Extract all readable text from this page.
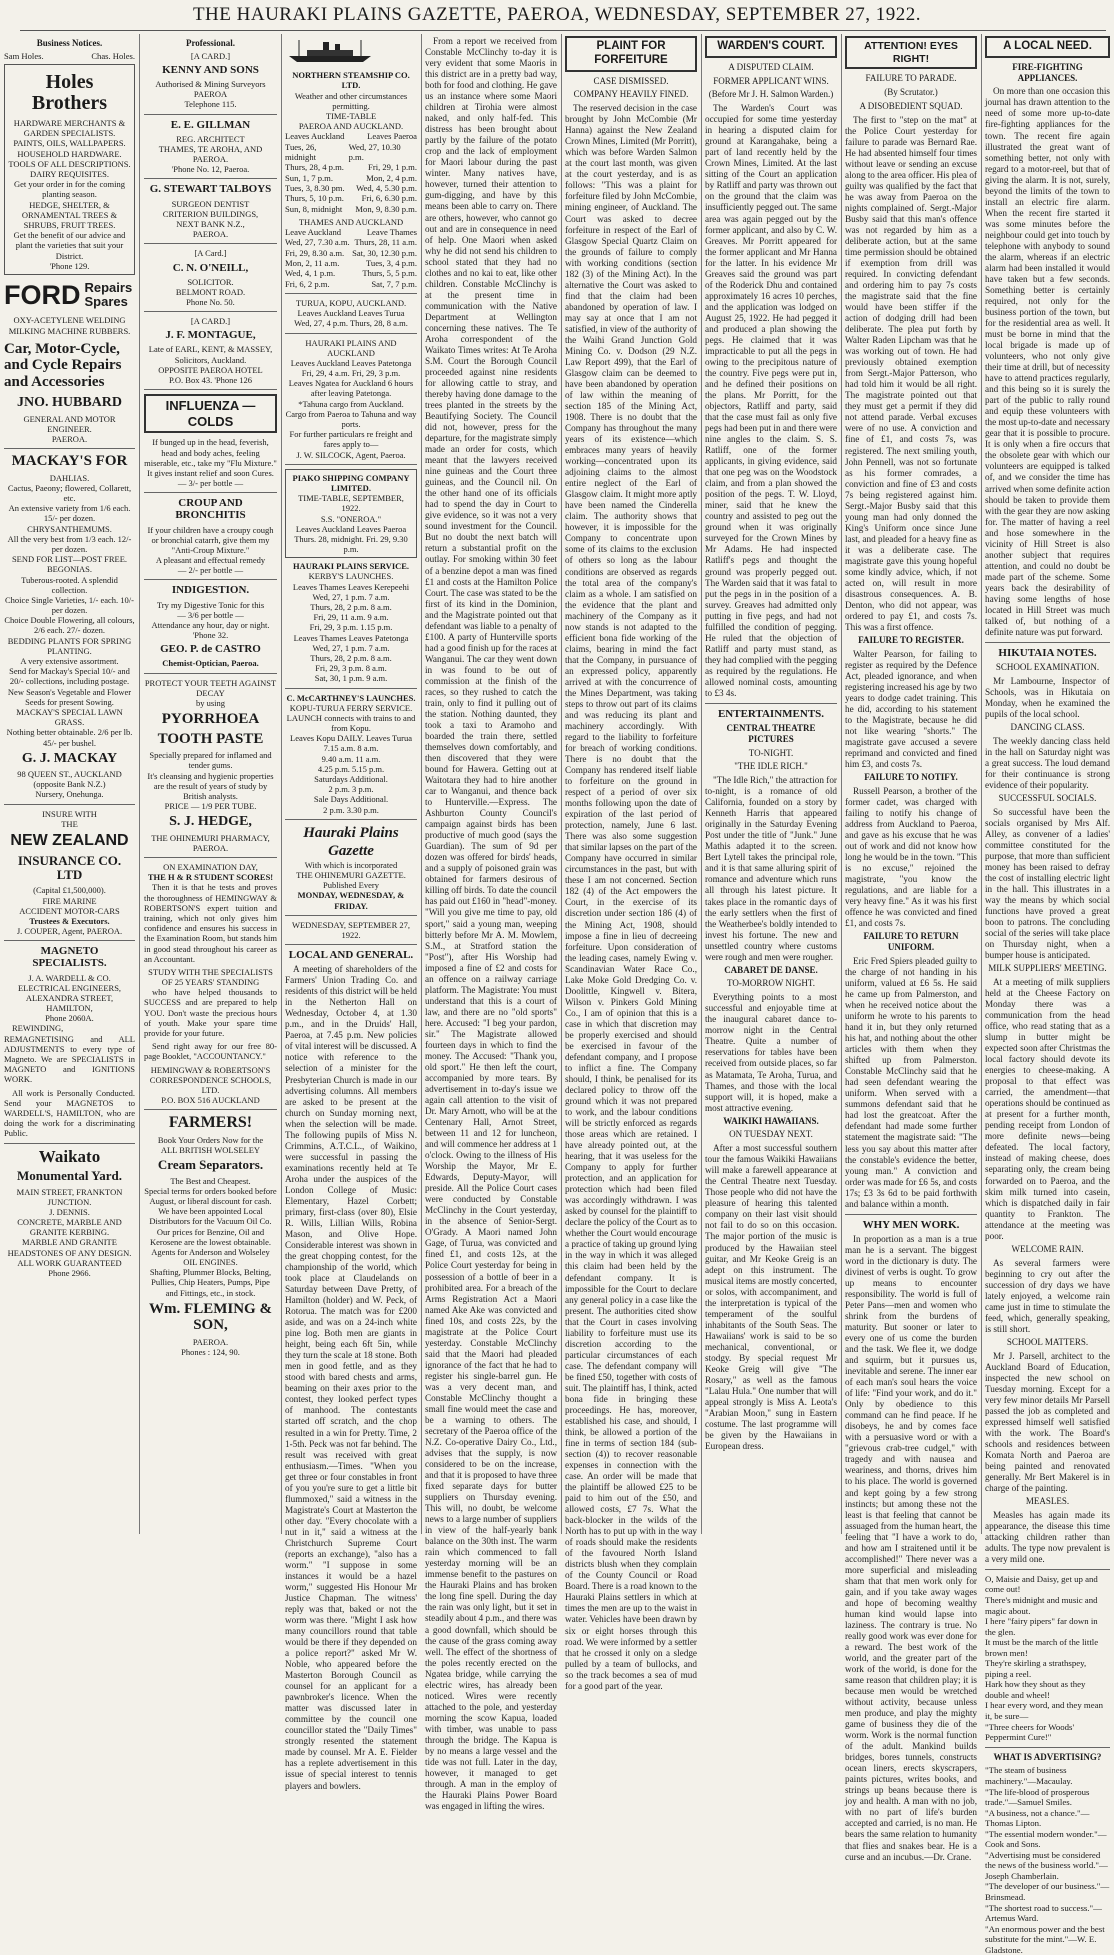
THE HAURAKI PLAINS GAZETTE, PAEROA, WEDNESDAY, SEPTEMBER 27, 1922.
Business Notices.
Sam Holes.	Chas. Holes.
Holes Brothers
HARDWARE MERCHANTS &
GARDEN SPECIALISTS.
PAINTS, OILS, WALLPAPERS.
HOUSEHOLD HARDWARE.
TOOLS OF ALL DESCRIPTIONS.
DAIRY REQUISITES.
Get your order in for the coming planting season.
HEDGE, SHELTER, & ORNAMENTAL TREES & SHRUBS, FRUIT TREES.
Get the benefit of our advice and plant the varieties that suit your District.
'Phone 129.
FORD Repairs
Spares
OXY-ACETYLENE WELDING
MILKING MACHINE RUBBERS.
Car, Motor-Cycle,
and Cycle Repairs
and Accessories
JNO. HUBBARD
GENERAL AND MOTOR ENGINEER.
PAEROA.
MACKAY'S FOR
DAHLIAS.
Cactus, Paeony; flowered, Collarett, etc.
An extensive variety from 1/6 each. 15/- per dozen.
CHRYSANTHEMUMS.
All the very best from 1/3 each. 12/- per dozen.
SEND FOR LIST—POST FREE.
BEGONIAS.
Tuberous-rooted. A splendid collection.
Choice Single Varieties, 1/- each. 10/- per dozen.
Choice Double Flowering, all colours, 2/6 each. 27/- dozen.
BEDDING PLANTS FOR SPRING PLANTING.
A very extensive assortment.
Send for Mackay's Special 10/- and 20/- collections, including postage.
New Season's Vegetable and Flower Seeds for present Sowing.
MACKAY'S SPECIAL LAWN GRASS.
Nothing better obtainable. 2/6 per lb. 45/- per bushel.
G. J. MACKAY
98 QUEEN ST., AUCKLAND
(opposite Bank N.Z.)
Nursery, Onehunga.
INSURE WITH
THE
NEW ZEALAND
INSURANCE CO. LTD
(Capital £1,500,000).
FIRE MARINE
ACCIDENT MOTOR-CARS
Trustees & Executors.
J. COUPER, Agent, PAEROA.
MAGNETO SPECIALISTS.
J. A. WARDELL & CO.
ELECTRICAL ENGINEERS,
ALEXANDRA STREET,
HAMILTON,
Phone 2060A.

REWINDING, REMAGNETISING and ALL ADJUSTMENTS to every type of Magneto. We are SPECIALISTS in MAGNETO and IGNITIONS WORK.

All work is Personally Conducted. Send your MAGNETOS to WARDELL'S, HAMILTON, who are doing the work for a discriminating Public.

Waikato
Monumental Yard.
MAIN STREET, FRANKTON JUNCTION.
J. DENNIS.
CONCRETE, MARBLE AND GRANITE KERBING.
MARBLE AND GRANITE HEADSTONES OF ANY DESIGN.
ALL WORK GUARANTEED
Phone 2966.
Professional.
[A CARD.]
KENNY AND SONS
Authorised & Mining Surveyors
PAEROA
Telephone 115.
E. E. GILLMAN
REG. ARCHITECT
THAMES, TE AROHA, AND PAEROA.
'Phone No. 12, Paeroa.
G. STEWART TALBOYS
SURGEON DENTIST
CRITERION BUILDINGS,
NEXT BANK N.Z.,
PAEROA.
[A Card.]
C. N. O'NEILL,
SOLICITOR.
BELMONT ROAD.
Phone No. 50.
[A CARD.]
J. F. MONTAGUE,
Late of EARL, KENT, & MASSEY, Solicitors, Auckland.
OPPOSITE PAEROA HOTEL
P.O. Box 43. 'Phone 126
INFLUENZA — COLDS
If bunged up in the head, feverish, head and body aches, feeling miserable, etc., take my "Flu Mixture."
It gives instant relief and soon Cures.
— 3/- per bottle —
CROUP AND BRONCHITIS
If your children have a croupy cough or bronchial catarrh, give them my "Anti-Croup Mixture."
A pleasant and effectual remedy
— 2/- per bottle —
INDIGESTION.
Try my Digestive Tonic for this
— 3/6 per bottle —
Attendance any hour, day or night.
'Phone 32.
GEO. P. de CASTRO
Chemist-Optician, Paeroa.
PROTECT YOUR TEETH AGAINST DECAY
by using
PYORRHOEA
TOOTH PASTE
Specially prepared for inflamed and tender gums.
It's cleansing and hygienic properties are the result of years of study by British analysts.
PRICE — 1/9 PER TUBE.
S. J. HEDGE,
THE OHINEMURI PHARMACY, PAEROA.
ON EXAMINATION DAY,
THE H & R STUDENT SCORES!

Then it is that he tests and proves the thoroughness of HEMINGWAY & ROBERTSON'S expert tuition and training, which not only gives him confidence and ensures his success in the Examination Room, but stands him in good stead throughout his career as an Accountant.

STUDY WITH THE SPECIALISTS
OF 25 YEARS' STANDING

who have helped thousands to SUCCESS and are prepared to help YOU. Don't waste the precious hours of youth. Make your spare time provide for your future.

Send right away for our free 80-page Booklet, "ACCOUNTANCY."

HEMINGWAY & ROBERTSON'S CORRESPONDENCE SCHOOLS, LTD.
P.O. BOX 516 AUCKLAND
FARMERS!
Book Your Orders Now for the
ALL BRITISH WOLSELEY
Cream Separators.
The Best and Cheapest.
Special terms for orders booked before August, or liberal discount for cash.
We have been appointed Local Distributors for the Vacuum Oil Co.
Our prices for Benzine, Oil and Kerosene are the lowest obtainable.
Agents for Anderson and Wolseley OIL ENGINES.
Shafting, Plummer Blocks, Belting, Pullies, Chip Heaters, Pumps, Pipe and Fittings, etc., in stock.
Wm. FLEMING & SON,
PAEROA.
Phones : 124, 90.
NORTHERN STEAMSHIP CO. LTD.
Weather and other circumstances permitting.
TIME-TABLE
PAEROA AND AUCKLAND.
Leaves Auckland	Leaves Paeroa
Tues, 26, midnight
Wed, 27, 10.30 p.m.
Thurs, 28, 4 p.m.	Fri, 29, 1 p.m.
Sun, 1, 7 p.m.	Mon, 2, 4 p.m.
Tues, 3, 8.30 pm. Wed, 4, 5.30 p.m.
Thurs, 5, 10 p.m. Fri, 6, 6.30 p.m.
Sun, 8, midnight Mon, 9, 8.30 p.m.
THAMES AND AUCKLAND
Leave Auckland	Leave Thames
Wed, 27, 7.30 a.m. Thurs, 28, 11 a.m.
Fri, 29, 8.30 a.m. Sat, 30, 12.30 p.m.
Mon, 2, 11 a.m.	Tues, 3, 4 p.m.
Wed, 4, 1 p.m.	Thurs, 5, 5 p.m.
Fri, 6, 2 p.m.	Sat, 7, 7 p.m.
TURUA, KOPU, AUCKLAND.
Leaves Auckland Leaves Turua
Wed, 27, 4 p.m. Thurs, 28, 8 a.m.
HAURAKI PLAINS AND AUCKLAND
Leaves Auckland Leaves Patetonga
Fri, 29, 4 a.m. Fri, 29, 3 p.m.
Leaves Ngatea for Auckland 6 hours after leaving Patetonga.
*Tahuna cargo from Auckland.
Cargo from Paeroa to Tahuna and way ports.
For further particulars re freight and fares apply to—
J. W. SILCOCK, Agent, Paeroa.
PIAKO SHIPPING COMPANY LIMITED.
TIME-TABLE, SEPTEMBER, 1922.
S.S. "ONEROA."
Leaves Auckland Leaves Paeroa
Thurs. 28, midnight. Fri. 29, 9.30 p.m.
HAURAKI PLAINS SERVICE.
KERBY'S LAUNCHES.
Leaves Thames Leaves Kerepeehi
Wed, 27, 1 p.m. 7 a.m.
Thurs, 28, 2 p.m. 8 a.m.
Fri, 29, 11 a.m. 9 a.m.
Fri, 29, 3 p.m. 1.15 p.m.
Leaves Thames Leaves Patetonga
Wed, 27, 1 p.m. 7 a.m.
Thurs, 28, 2 p.m. 8 a.m.
Fri, 29, 3 p.m. 8 a.m.
Sat, 30, 1 p.m. 9 a.m.
C. McCARTHNEY'S LAUNCHES.
KOPU-TURUA FERRY SERVICE.
LAUNCH connects with trains to and from Kopu.
Leaves Kopu DAILY. Leaves Turua
7.15 a.m. 8 a.m.
9.40 a.m. 11 a.m.
4.25 p.m. 5.15 p.m.
Saturdays Additional.
2 p.m. 3 p.m.
Sale Days Additional.
2 p.m. 3.30 p.m.
Hauraki Plains Gazette
With which is incorporated
THE OHINEMURI GAZETTE.
Published Every
MONDAY, WEDNESDAY, & FRIDAY.
WEDNESDAY, SEPTEMBER 27, 1922.
LOCAL AND GENERAL.
A meeting of shareholders of the Farmers' Union Trading Co. and residents of this district will be held in the Netherton Hall on Wednesday, October 4, at 1.30 p.m., and in the Druids' Hall, Paeroa, at 7.45 p.m. New policies of vital interest will be discussed. A notice with reference to the selection of a minister for the Presbyterian Church is made in our advertising columns. All members are asked to be present at the church on Sunday morning next, when the selection will be made. The following pupils of Miss N. Crimmins, A.T.C.L., of Waikino, were successful in passing the examinations recently held at Te Aroha under the auspices of the London College of Music: Elementary, Hazel Corbett; primary, first-class (over 80), Elsie R. Wills, Lillian Wills, Robina Mason, and Olive Hope. Considerable interest was shown in the great chopping contest, for the championship of the world, which took place at Claudelands on Saturday between Dave Pretty, of Hamilton (holder) and W. Peck, of Rotorua. The match was for £200 aside, and was on a 24-inch white pine log. Both men are giants in height, being each 6ft 5in, while they turn the scale at 18 stone. Both men in good fettle, and as they stood with bared chests and arms, beaming on their axes prior to the contest, they looked perfect types of manhood. The contestants started off scratch, and the chop resulted in a win for Pretty. Time, 2 1-5th. Peck was not far behind. The result was received with great enthusiasm.—Times. "When you get three or four constables in front of you you're sure to get a little bit flummoxed," said a witness in the Magistrate's Court at Masterton the other day. "Every chocolate with a nut in it," said a witness at the Christchurch Supreme Court (reports an exchange), "also has a worm." "I suppose in some instances it would be a hazel worm," suggested His Honour Mr Justice Chapman. The witness' reply was that, baked or not the worm was there. "Might I ask how many councillors round that table would be there if they depended on a police report?" asked Mr W. Noble, who appeared before the Masterton Borough Council as counsel for an applicant for a pawnbroker's licence. When the matter was discussed later in committee by the council one councillor stated the "Daily Times" strongly resented the statement made by counsel. Mr A. E. Fielder has a replete advertisement in this issue of special interest to tennis players and bowlers.
From a report we received from Constable McClinchy to-day it is very evident that some Maoris in this district are in a pretty bad way, both for food and clothing. He gave us an instance where some Maori children at Tirohia were almost naked, and only half-fed. This distress has been brought about partly by the failure of the potato crop and the lack of employment for Maori labour during the past winter. Many natives have, however, turned their attention to gum-digging, and have by this means been able to carry on. There are others, however, who cannot go out and are in consequence in need of help. One Maori when asked why he did not send his children to school stated that they had no clothes and no kai to eat, like other children. Constable McClinchy is at the present time in communication with the Native Department at Wellington concerning these natives. The Te Aroha correspondent of the Waikato Times writes: At Te Aroha S.M. Court the Borough Council proceeded against nine residents for allowing cattle to stray, and thereby having done damage to the trees planted in the streets by the Beautifying Society. The Council did not, however, press for the departure, for the magistrate simply made an order for costs, which meant that the lawyers received nine guineas and the Court three guineas, and the Council nil. On the other hand one of its officials had to spend the day in Court to give evidence, so it was not a very sound investment for the Council. But no doubt the next batch will return a substantial profit on the outlay. For smoking within 30 feet of a benzine depot a man was fined £1 and costs at the Hamilton Police Court. The case was stated to be the first of its kind in the Dominion, and the Magistrate pointed out that defendant was liable to a penalty of £100. A party of Hunterville sports had a good finish up for the races at Wanganui. The car they went down in was found to be out of commission at the finish of the races, so they rushed to catch the train, only to find it pulling out of the station. Nothing daunted, they took a taxi to Aramoho and boarded the train there, settled themselves down comfortably, and then discovered that they were bound for Hawera. Getting out at Waitotara they had to hire another car to Wanganui, and thence back to Hunterville.—Express. The Ashburton County Council's campaign against birds has been productive of much good (says the Guardian). The sum of 9d per dozen was offered for birds' heads, and a supply of poisoned grain was obtained for farmers desirous of killing off birds. To date the council has paid out £160 in "head"-money. "Will you give me time to pay, old sport," said a young man, weeping bitterly before Mr A. M. Mowlem, S.M., at Stratford station the "Post"), after His Worship had imposed a fine of £2 and costs for an offence on a railway carriage platform. The Magistrate: You must understand that this is a court of law, and there are no "old sports" here. Accused: "I beg your pardon, sir." The Magistrate allowed fourteen days in which to find the money. The Accused: "Thank you, old sport." He then left the court, accompanied by more tears. By advertisement in to-day's issue we again call attention to the visit of Dr. Mary Arnott, who will be at the Centenary Hall, Arnot Street, between 11 and 12 for luncheon, and will commence her address at 1 o'clock. Owing to the illness of His Worship the Mayor, Mr E. Edwards, Deputy-Mayor, will preside. All the Police Court cases were conducted by Constable McClinchy in the Court yesterday, in the absence of Senior-Sergt. O'Grady. A Maori named John Gage, of Turua, was convicted and fined £1, and costs 12s, at the Police Court yesterday for being in possession of a bottle of beer in a prohibited area. For a breach of the Arms Registration Act a Maori named Ake Ake was convicted and fined 10s, and costs 22s, by the magistrate at the Police Court yesterday. Constable McClinchy said that the Maori had pleaded ignorance of the fact that he had to register his single-barrel gun. He was a very decent man, and Constable McClinchy thought a small fine would meet the case and be a warning to others. The secretary of the Paeroa office of the N.Z. Co-operative Dairy Co., Ltd., advises that the supply, is now considered to be on the increase, and that it is proposed to have three fixed separate days for butter suppliers on Thursday evening. This will, no doubt, be welcome news to a large number of suppliers in view of the half-yearly bank balance on the 30th inst. The warm rain which commenced to fall yesterday morning will be an immense benefit to the pastures on the Hauraki Plains and has broken the long fine spell. During the day the rain was only light, but it set in steadily about 4 p.m., and there was a good downfall, which should be the cause of the grass coming away well. The effect of the shortness of the poles recently erected on the Ngatea bridge, while carrying the electric wires, has already been noticed. Wires were recently attached to the pole, and yesterday morning the scow Kapua, loaded with timber, was unable to pass through the bridge. The Kapua is by no means a large vessel and the tide was not full. Later in the day, however, it managed to get through. A man in the employ of the Hauraki Plains Power Board was engaged in lifting the wires.
PLAINT FOR FORFEITURE
CASE DISMISSED.
COMPANY HEAVILY FINED.
The reserved decision in the case brought by John McCombie (Mr Hanna) against the New Zealand Crown Mines, Limited (Mr Porritt), which was before Warden Salmon at the court last month, was given at the court yesterday, and is as follows: "This was a plaint for forfeiture filed by John McCombie, mining engineer, of Auckland. The Court was asked to decree forfeiture in respect of the Earl of Glasgow Special Quartz Claim on the grounds of failure to comply with working conditions (section 182 (3) of the Mining Act). In the alternative the Court was asked to find that the claim had been abandoned by operation of law. I may say at once that I am not satisfied, in view of the authority of the Waihi Grand Junction Gold Mining Co. v. Dodson (29 N.Z. Law Report 499), that the Earl of Glasgow claim can be deemed to have been abandoned by operation of law within the meaning of section 185 of the Mining Act, 1908. There is no doubt that the Company has throughout the many years of its existence—which embraces many years of heavily working—concentrated upon its adjoining claims to the almost entire neglect of the Earl of Glasgow claim. It might more aptly have been named the Cinderella claim. The authority shows that however, it is impossible for the Company to concentrate upon some of its claims to the exclusion of others so long as the labour conditions are observed as regards the total area of the company's claim as a whole. I am satisfied on the evidence that the plant and machinery of the Company as it now stands is not adapted to the efficient bona fide working of the claims, bearing in mind the fact that the Company, in pursuance of an expressed policy, apparently arrived at with the concurrence of the Mines Department, was taking steps to throw out part of its claims and was reducing its plant and machinery accordingly. With regard to the liability to forfeiture for breach of working conditions. There is no doubt that the Company has rendered itself liable to forfeiture on the ground in respect of a period of over six months following upon the date of expiration of the last period of protection, namely, June 6 last. There was also some suggestion that similar lapses on the part of the Company have occurred in similar circumstances in the past, but with these I am not concerned. Section 182 (4) of the Act empowers the Court, in the exercise of its discretion under section 186 (4) of the Mining Act, 1908, should impose a fine in lieu of decreeing forfeiture. Upon consideration of the leading cases, namely Ewing v. Scandinavian Water Race Co., Lake Moke Gold Dredging Co. v. Doolittle, Kingwell v. Bitera, Wilson v. Pinkers Gold Mining Co., I am of opinion that this is a case in which that discretion may be properly exercised and should be exercised in favour of the defendant company, and I propose to inflict a fine. The Company should, I think, be penalised for its declared policy to throw off the ground which it was not prepared to work, and the labour conditions will be strictly enforced as regards those areas which are retained. I have already pointed out, at the hearing, that it was useless for the Company to apply for further protection, and an application for protection which had been filed was accordingly withdrawn. I was asked by counsel for the plaintiff to declare the policy of the Court as to whether the Court would encourage a practice of taking up ground lying in the way in which it was alleged this claim had been held by the defendant company. It is impossible for the Court to declare any general policy in a case like the present. The authorities cited show that the Court in cases involving liability to forfeiture must use its discretion according to the particular circumstances of each case. The defendant company will be fined £50, together with costs of suit. The plaintiff has, I think, acted bona fide in bringing these proceedings. He has, moreover, established his case, and should, I think, be allowed a portion of the fine in terms of section 184 (sub-section (4)) to recover reasonable expenses in connection with the case. An order will be made that the plaintiff be allowed £25 to be paid to him out of the £50, and allowed costs, £7 7s. What the back-blocker in the wilds of the North has to put up with in the way of roads should make the residents of the favoured North Island districts blush when they complain of the County Council or Road Board. There is a road known to the Hauraki Plains settlers in which at times the men are up to the waist in water. Vehicles have been drawn by six or eight horses through this road. We were informed by a settler that he crossed it only on a sledge pulled by a team of bullocks, and so the track becomes a sea of mud for a good part of the year.
WARDEN'S COURT.
A DISPUTED CLAIM.
FORMER APPLICANT WINS.
(Before Mr J. H. Salmon Warden.)
The Warden's Court was occupied for some time yesterday in hearing a disputed claim for ground at Karangahake, being a part of land recently held by the Crown Mines, Limited. At the last sitting of the Court an application by Ratliff and party was thrown out on the ground that the claim was insufficiently pegged out. The same area was again pegged out by the former applicant, and also by C. W. Greaves. Mr Porritt appeared for the former applicant and Mr Hanna for the latter. In his evidence Mr Greaves said the ground was part of the Roderick Dhu and contained approximately 16 acres 10 perches, and the application was lodged on August 25, 1922. He had pegged it and produced a plan showing the pegs. He claimed that it was impracticable to put all the pegs in owing to the precipitous nature of the country. Five pegs were put in, and he defined their positions on the plans. Mr Porritt, for the objectors, Ratliff and party, said that the case must fail as only five pegs had been put in and there were nine angles to the claim. S. S. Ratliff, one of the former applicants, in giving evidence, said that one peg was on the Woodstock claim, and from a plan showed the position of the pegs. T. W. Lloyd, miner, said that he knew the country and assisted to peg out the ground when it was originally surveyed for the Crown Mines by Mr Adams. He had inspected Ratliff's pegs and thought the ground was properly pegged out. The Warden said that it was fatal to put the pegs in in the position of a survey. Greaves had admitted only putting in five pegs, and had not fulfilled the condition of pegging. He ruled that the objection of Ratliff and party must stand, as they had complied with the pegging as required by the regulations. He allowed nominal costs, amounting to £3 4s.
ENTERTAINMENTS.
CENTRAL THEATRE PICTURES
TO-NIGHT.
"THE IDLE RICH."
"The Idle Rich," the attraction for to-night, is a romance of old California, founded on a story by Kenneth Harris that appeared originally in the Saturday Evening Post under the title of "Junk." June Mathis adapted it to the screen. Bert Lytell takes the principal role, and it is that same alluring spirit of romance and adventure which runs all through his latest picture. It takes place in the romantic days of the early settlers when the first of the Weatherbee's boldly intended to invest his fortune. The new and unsettled country where customs were rough and men were rougher.
CABARET DE DANSE.
TO-MORROW NIGHT.
Everything points to a most successful and enjoyable time at the inaugural cabaret dance to-morrow night in the Central Theatre. Quite a number of reservations for tables have been received from outside places, so far as Matamata, Te Aroha, Turua, and Thames, and those with the local support will, it is hoped, make a most attractive evening.
WAIKIKI HAWAIIANS.
ON TUESDAY NEXT.
After a most successful southern tour the famous Waikiki Hawaiians will make a farewell appearance at the Central Theatre next Tuesday. Those people who did not have the pleasure of hearing this talented company on their last visit should not fail to do so on this occasion. The major portion of the music is produced by the Hawaiian steel guitar, and Mr Keoke Greig is an adept on this instrument. The musical items are mostly concerted, or solos, with accompaniment, and the interpretation is typical of the temperament of the soulful inhabitants of the South Seas. The Hawaiians' work is said to be so mechanical, conventional, or stodgy. By special request Mr Keoke Greig will give "The Rosary," as well as the famous "Lalau Hula." One number that will appeal strongly is Miss A. Leota's "Arabian Moon," sung in Eastern costume. The last programme will be given by the Hawaiians in European dress.
ATTENTION! EYES RIGHT!
FAILURE TO PARADE.
(By Scrutator.)
A DISOBEDIENT SQUAD.
The first to "step on the mat" at the Police Court yesterday for failure to parade was Bernard Rae. He had absented himself four times without leave or sending an excuse along to the area officer. His plea of guilty was qualified by the fact that he was away from Paeroa on the nights complained of. Sergt.-Major Busby said that this man's offence was not regarded by him as a deliberate action, but at the same time permission should be obtained if exemption from drill was required. In convicting defendant and ordering him to pay 7s costs the magistrate said that the fine would have been stiffer if the action of dodging drill had been deliberate. The plea put forth by Walter Raden Lipcham was that he was working out of town. He had previously obtained exemption from Sergt.-Major Patterson, who had told him it would be all right. The magistrate pointed out that they must get a permit if they did not attend parade. Verbal excuses were of no use. A conviction and fine of £1, and costs 7s, was registered. The next smiling youth, John Pennell, was not so fortunate as his former comrades, a conviction and fine of £3 and costs 7s being registered against him. Sergt.-Major Busby said that this young man had only donned the King's Uniform once since June last, and pleaded for a heavy fine as it was a deliberate case. The magistrate gave this young hopeful some kindly advice, which, if not acted on, will result in more disastrous consequences. A. B. Denton, who did not appear, was ordered to pay £1, and costs 7s. This was a first offence.
FAILURE TO REGISTER.
Walter Pearson, for failing to register as required by the Defence Act, pleaded ignorance, and when registering increased his age by two years to dodge cadet training. This he did, according to his statement to the Magistrate, because he did not like wearing "shorts." The magistrate gave accused a severe reprimand and convicted and fined him £3, and costs 7s.
FAILURE TO NOTIFY.
Russell Pearson, a brother of the former cadet, was charged with failing to notify his change of address from Auckland to Paeroa, and gave as his excuse that he was out of work and did not know how long he would be in the town. "This is no excuse," rejoined the magistrate, "you know the regulations, and are liable for a very heavy fine." As it was his first offence he was convicted and fined £1, and costs 7s.
FAILURE TO RETURN UNIFORM.
Eric Fred Spiers pleaded guilty to the charge of not handing in his uniform, valued at £6 5s. He said he came up from Palmerston, and when he received notice about the uniform he wrote to his parents to hand it in, but they only returned his hat, and nothing about the other articles with them when they shifted up from Palmerston. Constable McClinchy said that he had seen defendant wearing the uniform. When served with a summons defendant said that he had lost the greatcoat. After the defendant had made some further statement the magistrate said: "The less you say about this matter after the constable's evidence the better, young man." A conviction and order was made for £6 5s, and costs 17s; £3 3s 6d to be paid forthwith and balance within a month.
WHY MEN WORK.
In proportion as a man is a true man he is a servant. The biggest word in the dictionary is duty. The divinest of verbs is ought. To grow up means to encounter responsibility. The world is full of Peter Pans—men and women who shrink from the burdens of maturity. But sooner or later to every one of us come the burden and the task. We flee it, we dodge and squirm, but it pursues us, inevitable and serene. The inner ear of each man's soul hears the voice of life: "Find your work, and do it." Only by obedience to this command can he find peace. If he disobeys, he and by comes face with a persuasive word or with a "grievous crab-tree cudgel," with tragedy and with nausea and weariness, and thorns, drives him to his place. The world is governed and kept going by a few strong instincts; but among these not the least is that feeling that cannot be assuaged from the human heart, the feeling that "I have a work to do, and how am I straitened until it be accomplished!" There never was a more superficial and misleading sham that that men work only for gain, and if you take away wages and hope of becoming wealthy human kind would lapse into laziness. The contrary is true. No really good work was ever done for a reward. The best work of the world, and the greater part of the work of the world, is done for the same reason that children play; it is because men would be wretched without activity, because unless men produce, and play the mighty game of business they die of the worm. Work is the normal function of the adult. Mankind builds bridges, bores tunnels, constructs ocean liners, erects skyscrapers, paints pictures, writes books, and strings up beans because there is joy and health. A man with no job, with no part of life's burden accepted and carried, is no man. He bears the same relation to humanity that flies and snakes bear. He is a curse and an incubus.—Dr. Crane.
A LOCAL NEED.
FIRE-FIGHTING APPLIANCES.
On more than one occasion this journal has drawn attention to the need of some more up-to-date fire-fighting appliances for the town. The recent fire again illustrated the great want of something better, not only with regard to a motor-reel, but that of giving the alarm. It is not, surely, beyond the limits of the town to install an electric fire alarm. When the recent fire started it was some minutes before the neighbour could get into touch by telephone with anybody to sound the alarm, whereas if an electric alarm had been installed it would have taken but a few seconds. Something better is certainly required, not only for the business portion of the town, but for the residential area as well. It must be borne in mind that the local brigade is made up of volunteers, who not only give their time at drill, but of necessity have to attend practices regularly, and this being so it is surely the part of the public to rally round and equip these volunteers with the most up-to-date and necessary gear that it is possible to procure. It is only when a fire occurs that the obsolete gear with which our volunteers are equipped is talked of, and we consider the time has arrived when some definite action should be taken to provide them with the gear they are now asking for. The matter of having a reel and hose somewhere in the vicinity of Hill Street is also another subject that requires attention, and could no doubt be made part of the scheme. Some years back the desirability of having some lengths of hose located in Hill Street was much talked of, but nothing of a definite nature was put forward.
HIKUTAIA NOTES.
SCHOOL EXAMINATION.
Mr Lambourne, Inspector of Schools, was in Hikutaia on Monday, when he examined the pupils of the local school.
DANCING CLASS.
The weekly dancing class held in the hall on Saturday night was a great success. The loud demand for their continuance is strong evidence of their popularity.
SUCCESSFUL SOCIALS.
So successful have been the socials organised by Mrs Alf. Alley, as convener of a ladies' committee constituted for the purpose, that more than sufficient money has been raised to defray the cost of installing electric light in the hall. This illustrates in a way the means by which social functions have proved a great boon to patrons. The concluding social of the series will take place on Thursday night, when a bumper house is anticipated.
MILK SUPPLIERS' MEETING.
At a meeting of milk suppliers held at the Cheese Factory on Monday there was a communication from the head office, who read stating that as a slump in butter might be expected soon after Christmas the local factory should devote its energies to cheese-making. A proposal to that effect was carried, the amendment—that operations should be continued as at present for a further month, pending receipt from London of more definite news—being defeated. The local factory, instead of making cheese, does separating only, the cream being forwarded on to Paeroa, and the skim milk turned into casein, which is dispatched daily in fair quantity to Frankton. The attendance at the meeting was poor.
WELCOME RAIN.
As several farmers were beginning to cry out after the succession of dry days we have lately enjoyed, a welcome rain came just in time to stimulate the feed, which, generally speaking, is still short.
SCHOOL MATTERS.
Mr J. Parsell, architect to the Auckland Board of Education, inspected the new school on Tuesday morning. Except for a very few minor details Mr Parsell passed the job as completed and expressed himself well satisfied with the work. The Board's schools and residences between Komata North and Paeroa are being painted and renovated generally. Mr Bert Makerel is in charge of the painting.
MEASLES.
Measles has again made its appearance, the disease this time attacking children rather than adults. The type now prevalent is a very mild one.
O, Maisie and Daisy, get up and come out!
There's midnight and music and magic about.
I here "fairy pipers" far down in the glen.
It must be the march of the little brown men!
They're skirling a strathspey, piping a reel.
Hark how they shout as they double and wheel!
I hear every word, and they mean it, be sure—
"Three cheers for Woods' Peppermint Cure!"
WHAT IS ADVERTISING?
"The steam of business machinery."—Macaulay.
"The life-blood of prosperous trade."—Samuel Smiles.
"A business, not a chance."—Thomas Lipton.
"The essential modern wonder."—Cook and Sons.
"Advertising must be considered the news of the business world."—Joseph Chamberlain.
"The developer of our business."—Brinsmead.
"The shortest road to success."—Artemus Ward.
"An enormous power and the best substitute for the mint."—W. E. Gladstone.
